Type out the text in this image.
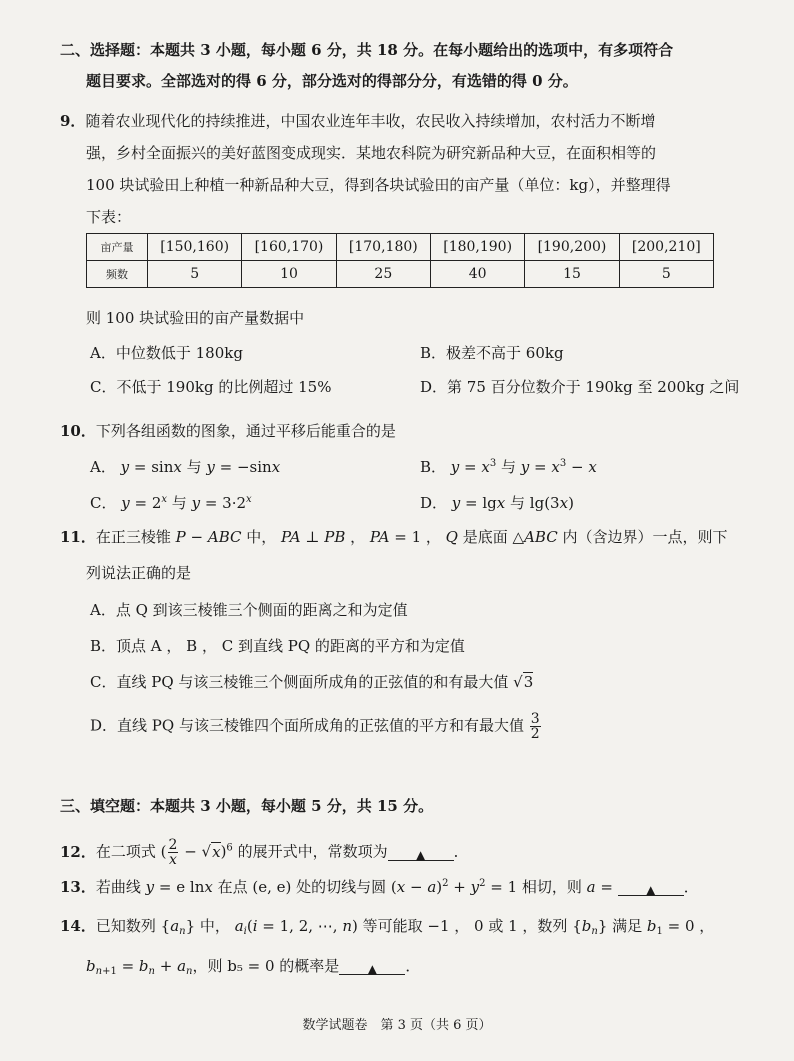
二、选择题：本题共 3 小题，每小题 6 分，共 18 分。在每小题给出的选项中，有多项符合
题目要求。全部选对的得 6 分，部分选对的得部分分，有选错的得 0 分。
9．随着农业现代化的持续推进，中国农业连年丰收，农民收入持续增加，农村活力不断增
强，乡村全面振兴的美好蓝图变成现实．某地农科院为研究新品种大豆，在面积相等的
100 块试验田上种植一种新品种大豆，得到各块试验田的亩产量（单位：kg），并整理得
下表：
亩产量	[150,160)	[160,170)	[170,180)	[180,190)	[190,200)	[200,210]
频数	5	10	25	40	15	5
则 100 块试验田的亩产量数据中
A．中位数低于 180kg	B．极差不高于 60kg
C．不低于 190kg 的比例超过 15%	D．第 75 百分位数介于 190kg 至 200kg 之间
10．下列各组函数的图象，通过平移后能重合的是
A． y = sinx 与 y = −sinx	B． $y = x^3$ 与 $y = x^3 - x$
C． $y = 2^x$ 与 $y = 3\cdot 2^x$	D． y = lgx 与 lg(3x)
11．在正三棱锥 P − ABC 中， PA ⊥ PB ， PA = 1 ， Q 是底面 △ABC 内（含边界）一点，则下
列说法正确的是
A．点 Q 到该三棱锥三个侧面的距离之和为定值
B．顶点 A ， B ， C 到直线 PQ 的距离的平方和为定值
C．直线 PQ 与该三棱锥三个侧面所成角的正弦值的和有最大值 √3
D．直线 PQ 与该三棱锥四个面所成角的正弦值的平方和有最大值 $\frac{3}{2}$
三、填空题：本题共 3 小题，每小题 5 分，共 15 分。
12．在二项式 ( $\frac{2}{x} - √x)^6$ 的展开式中，常数项为 ▲ ．
13．若曲线 y = e lnx 在点 (e, e) 处的切线与圆 $(x - a)^2 + y^2 = 1$ 相切，则 a = ▲ ．
14．已知数列 $\{a_n\}$ 中， $a_i(i = 1$, 2, ⋯, n) 等可能取 −1 ， 0 或 1 ，数列 $\{b_n\}$ 满足 $b_1 = 0$ ，
$b_{n+1} = b_n + a_n$，则 b₅ = 0 的概率是 ▲ ．
数学试题卷　第 3 页（共 6 页）
